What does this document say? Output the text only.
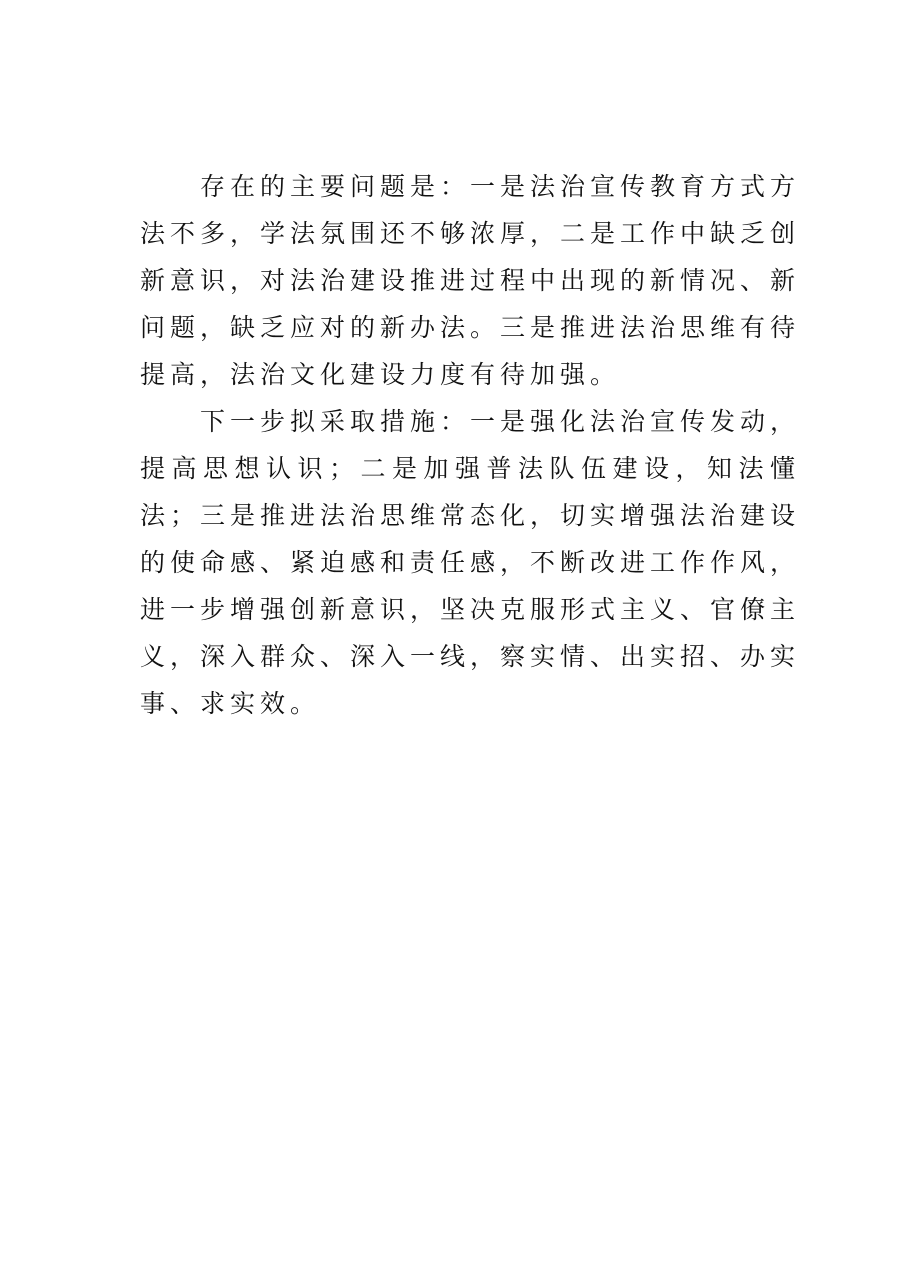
存在的主要问题是：一是法治宣传教育方式方法不多，学法氛围还不够浓厚，二是工作中缺乏创新意识，对法治建设推进过程中出现的新情况、新问题，缺乏应对的新办法。三是推进法治思维有待提高，法治文化建设力度有待加强。

下一步拟采取措施：一是强化法治宣传发动，提高思想认识；二是加强普法队伍建设，知法懂法；三是推进法治思维常态化，切实增强法治建设的使命感、紧迫感和责任感，不断改进工作作风，进一步增强创新意识，坚决克服形式主义、官僚主义，深入群众、深入一线，察实情、出实招、办实事、求实效。
